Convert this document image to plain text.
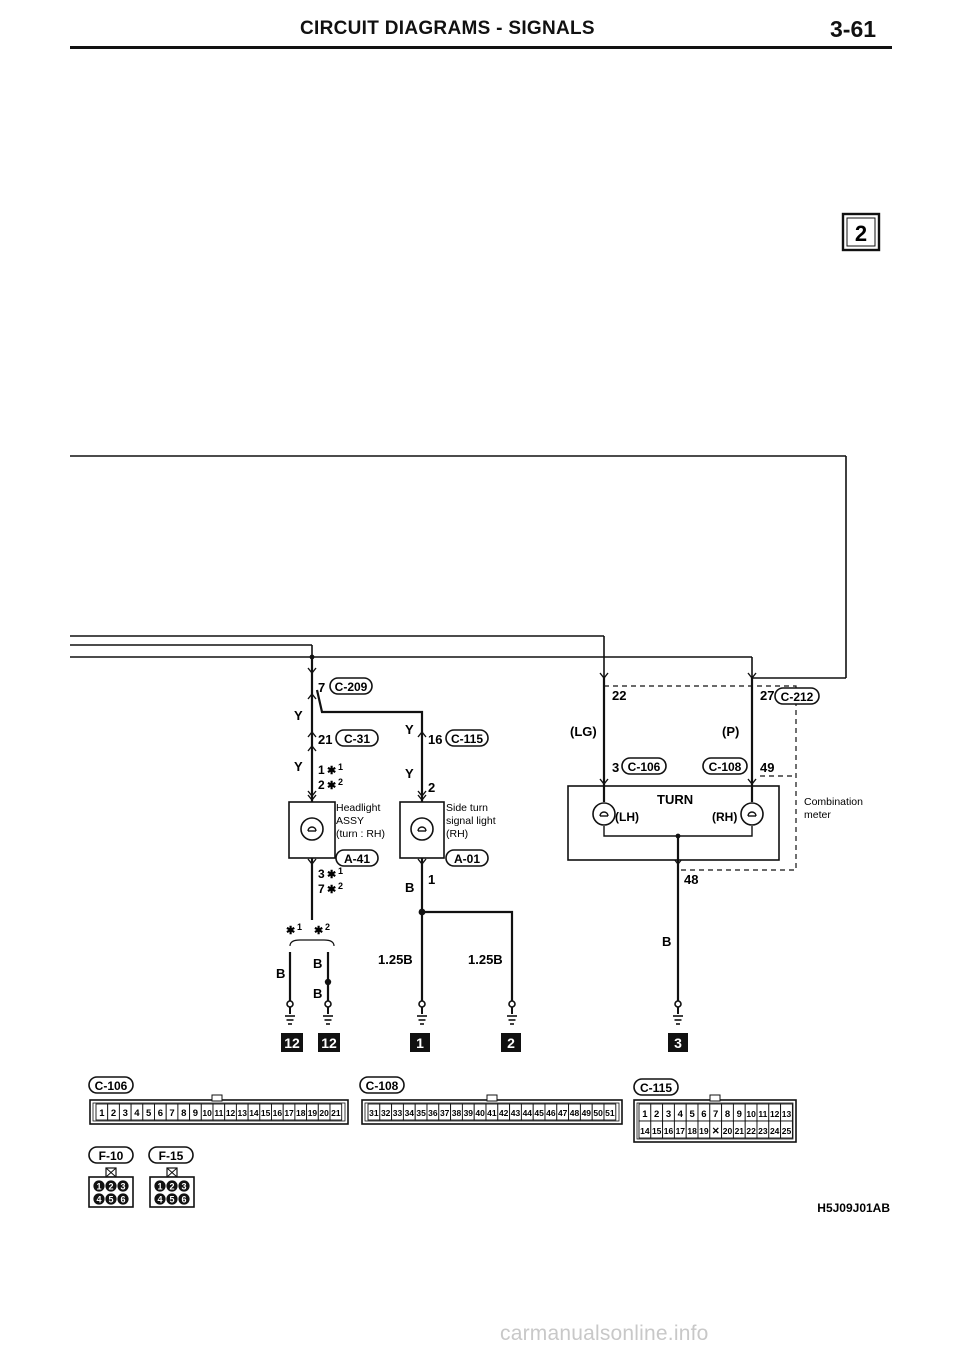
CIRCUIT DIAGRAMS - SIGNALS	3-61
2
Headlight
ASSY
(turn : RH)
Side turn
signal light
(RH)
TURN
(LH)	(RH)
Combination
meter
C-209
C-31	C-115
A-41	A-01
C-106	C-108
C-212
7
21	16
2
1
22	27
3	49
48
1 ✱ 1
2 ✱ 2
3 ✱ 1
7 ✱ 2
Y
Y
Y
Y
B
(LG)	(P)
B
1.25B	1.25B
B
B
B
✱ 1 ✱ 2
12 12	1	2	3
C-106	C-108	C-115
F-10	F-15
1 2 3 4 5 6 7 8 9 10 11 12 13 14 15 16 17 18 19 20 21	31 32 33 34 35 36 37 38 39 40 41 42 43 44 45 46 47 48 49 50 51	1 2 3 4 5 6 7 8 9 10 11 12 13
14 15 16 17 18 19 ✕ 20 21 22 23 24 25
1 2 3
4 5 6
1 2 3
4 5 6
H5J09J01AB
carmanualsonline.info
